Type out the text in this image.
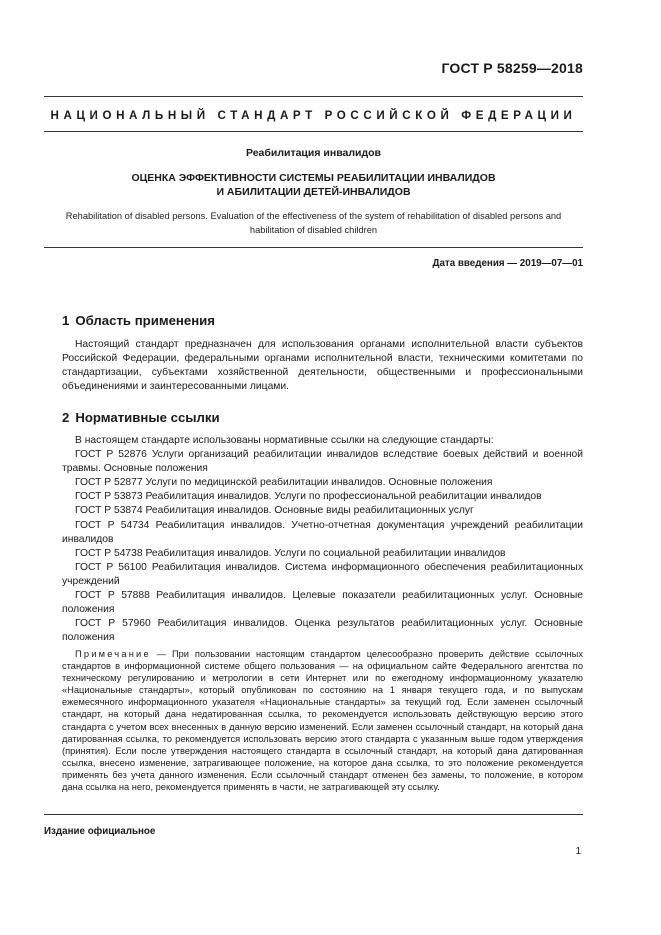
ГОСТ Р 58259—2018
НАЦИОНАЛЬНЫЙ СТАНДАРТ РОССИЙСКОЙ ФЕДЕРАЦИИ
Реабилитация инвалидов
ОЦЕНКА ЭФФЕКТИВНОСТИ СИСТЕМЫ РЕАБИЛИТАЦИИ ИНВАЛИДОВ
И АБИЛИТАЦИИ ДЕТЕЙ-ИНВАЛИДОВ
Rehabilitation of disabled persons. Evaluation of the effectiveness of the system of rehabilitation of disabled persons and habilitation of disabled children
Дата введения — 2019—07—01
1 Область применения

Настоящий стандарт предназначен для использования органами исполнительной власти субъектов Российской Федерации, федеральными органами исполнительной власти, техническими комитетами по стандартизации, субъектами хозяйственной деятельности, общественными и профессиональными объединениями и заинтересованными лицами.

2 Нормативные ссылки

В настоящем стандарте использованы нормативные ссылки на следующие стандарты:

ГОСТ Р 52876 Услуги организаций реабилитации инвалидов вследствие боевых действий и военной травмы. Основные положения

ГОСТ Р 52877 Услуги по медицинской реабилитации инвалидов. Основные положения

ГОСТ Р 53873 Реабилитация инвалидов. Услуги по профессиональной реабилитации инвалидов

ГОСТ Р 53874 Реабилитация инвалидов. Основные виды реабилитационных услуг

ГОСТ Р 54734 Реабилитация инвалидов. Учетно-отчетная документация учреждений реабилитации инвалидов

ГОСТ Р 54738 Реабилитация инвалидов. Услуги по социальной реабилитации инвалидов

ГОСТ Р 56100 Реабилитация инвалидов. Система информационного обеспечения реабилитационных учреждений

ГОСТ Р 57888 Реабилитация инвалидов. Целевые показатели реабилитационных услуг. Основные положения

ГОСТ Р 57960 Реабилитация инвалидов. Оценка результатов реабилитационных услуг. Основные положения

Примечание — При пользовании настоящим стандартом целесообразно проверить действие ссылочных стандартов в информационной системе общего пользования — на официальном сайте Федерального агентства по техническому регулированию и метрологии в сети Интернет или по ежегодному информационному указателю «Национальные стандарты», который опубликован по состоянию на 1 января текущего года, и по выпускам ежемесячного информационного указателя «Национальные стандарты» за текущий год. Если заменен ссылочный стандарт, на который дана недатированная ссылка, то рекомендуется использовать действующую версию этого стандарта с учетом всех внесенных в данную версию изменений. Если заменен ссылочный стандарт, на который дана датированная ссылка, то рекомендуется использовать версию этого стандарта с указанным выше годом утверждения (принятия). Если после утверждения настоящего стандарта в ссылочный стандарт, на который дана датированная ссылка, внесено изменение, затрагивающее положение, на которое дана ссылка, то это положение рекомендуется применять без учета данного изменения. Если ссылочный стандарт отменен без замены, то положение, в котором дана ссылка на него, рекомендуется применять в части, не затрагивающей эту ссылку.

Издание официальное
1
